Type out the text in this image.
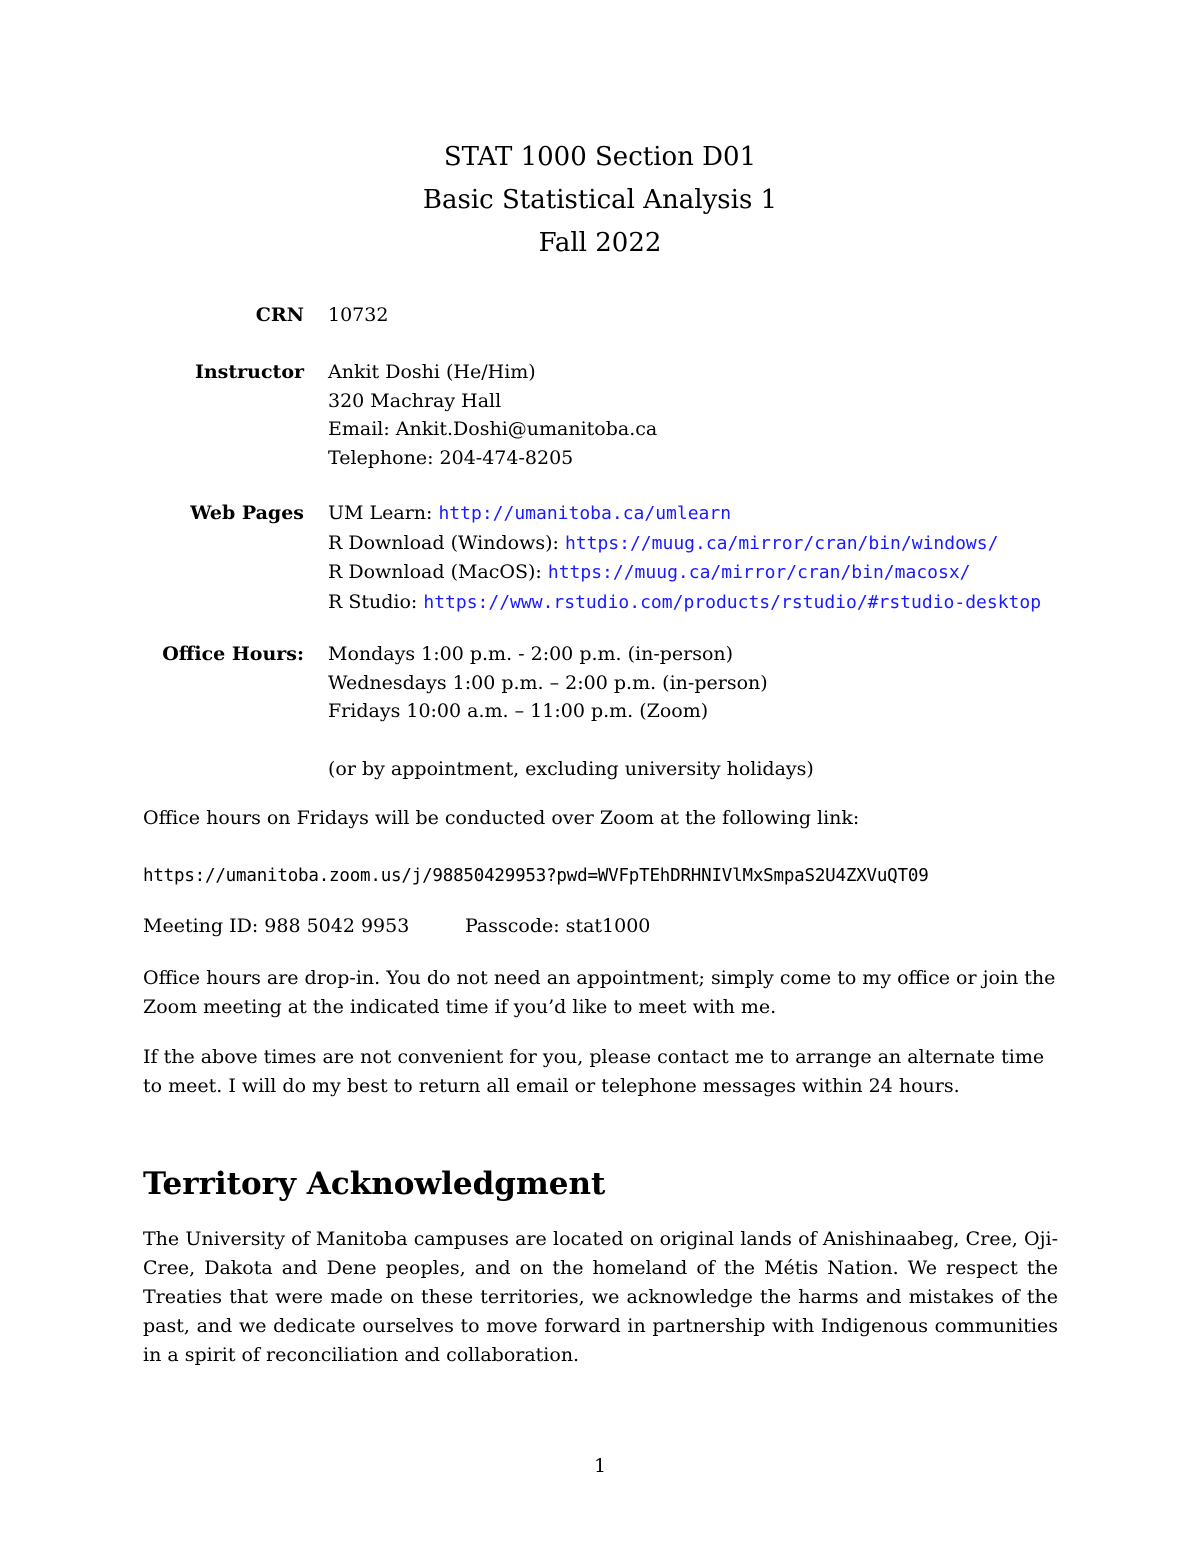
STAT 1000 Section D01
Basic Statistical Analysis 1
Fall 2022
CRN 10732
Instructor Ankit Doshi (He/Him)
320 Machray Hall
Email: Ankit.Doshi@umanitoba.ca
Telephone: 204-474-8205
Web Pages UM Learn: http://umanitoba.ca/umlearn
R Download (Windows): https://muug.ca/mirror/cran/bin/windows/
R Download (MacOS): https://muug.ca/mirror/cran/bin/macosx/
R Studio: https://www.rstudio.com/products/rstudio/#rstudio-desktop
Office Hours: Mondays 1:00 p.m. - 2:00 p.m. (in-person)
Wednesdays 1:00 p.m. – 2:00 p.m. (in-person)
Fridays 10:00 a.m. – 11:00 p.m. (Zoom)
(or by appointment, excluding university holidays)
Office hours on Fridays will be conducted over Zoom at the following link:
https://umanitoba.zoom.us/j/98850429953?pwd=WVFpTEhDRHNIVlMxSmpaS2U4ZXVuQT09
Meeting ID: 988 5042 9953	Passcode: stat1000
Office hours are drop-in. You do not need an appointment; simply come to my office or join the Zoom meeting at the indicated time if you’d like to meet with me.
If the above times are not convenient for you, please contact me to arrange an alternate time to meet. I will do my best to return all email or telephone messages within 24 hours.
Territory Acknowledgment
The University of Manitoba campuses are located on original lands of Anishinaabeg, Cree, Oji-Cree, Dakota and Dene peoples, and on the homeland of the Métis Nation. We respect the Treaties that were made on these territories, we acknowledge the harms and mistakes of the past, and we dedicate ourselves to move forward in partnership with Indigenous communities in a spirit of reconciliation and collaboration.
1
